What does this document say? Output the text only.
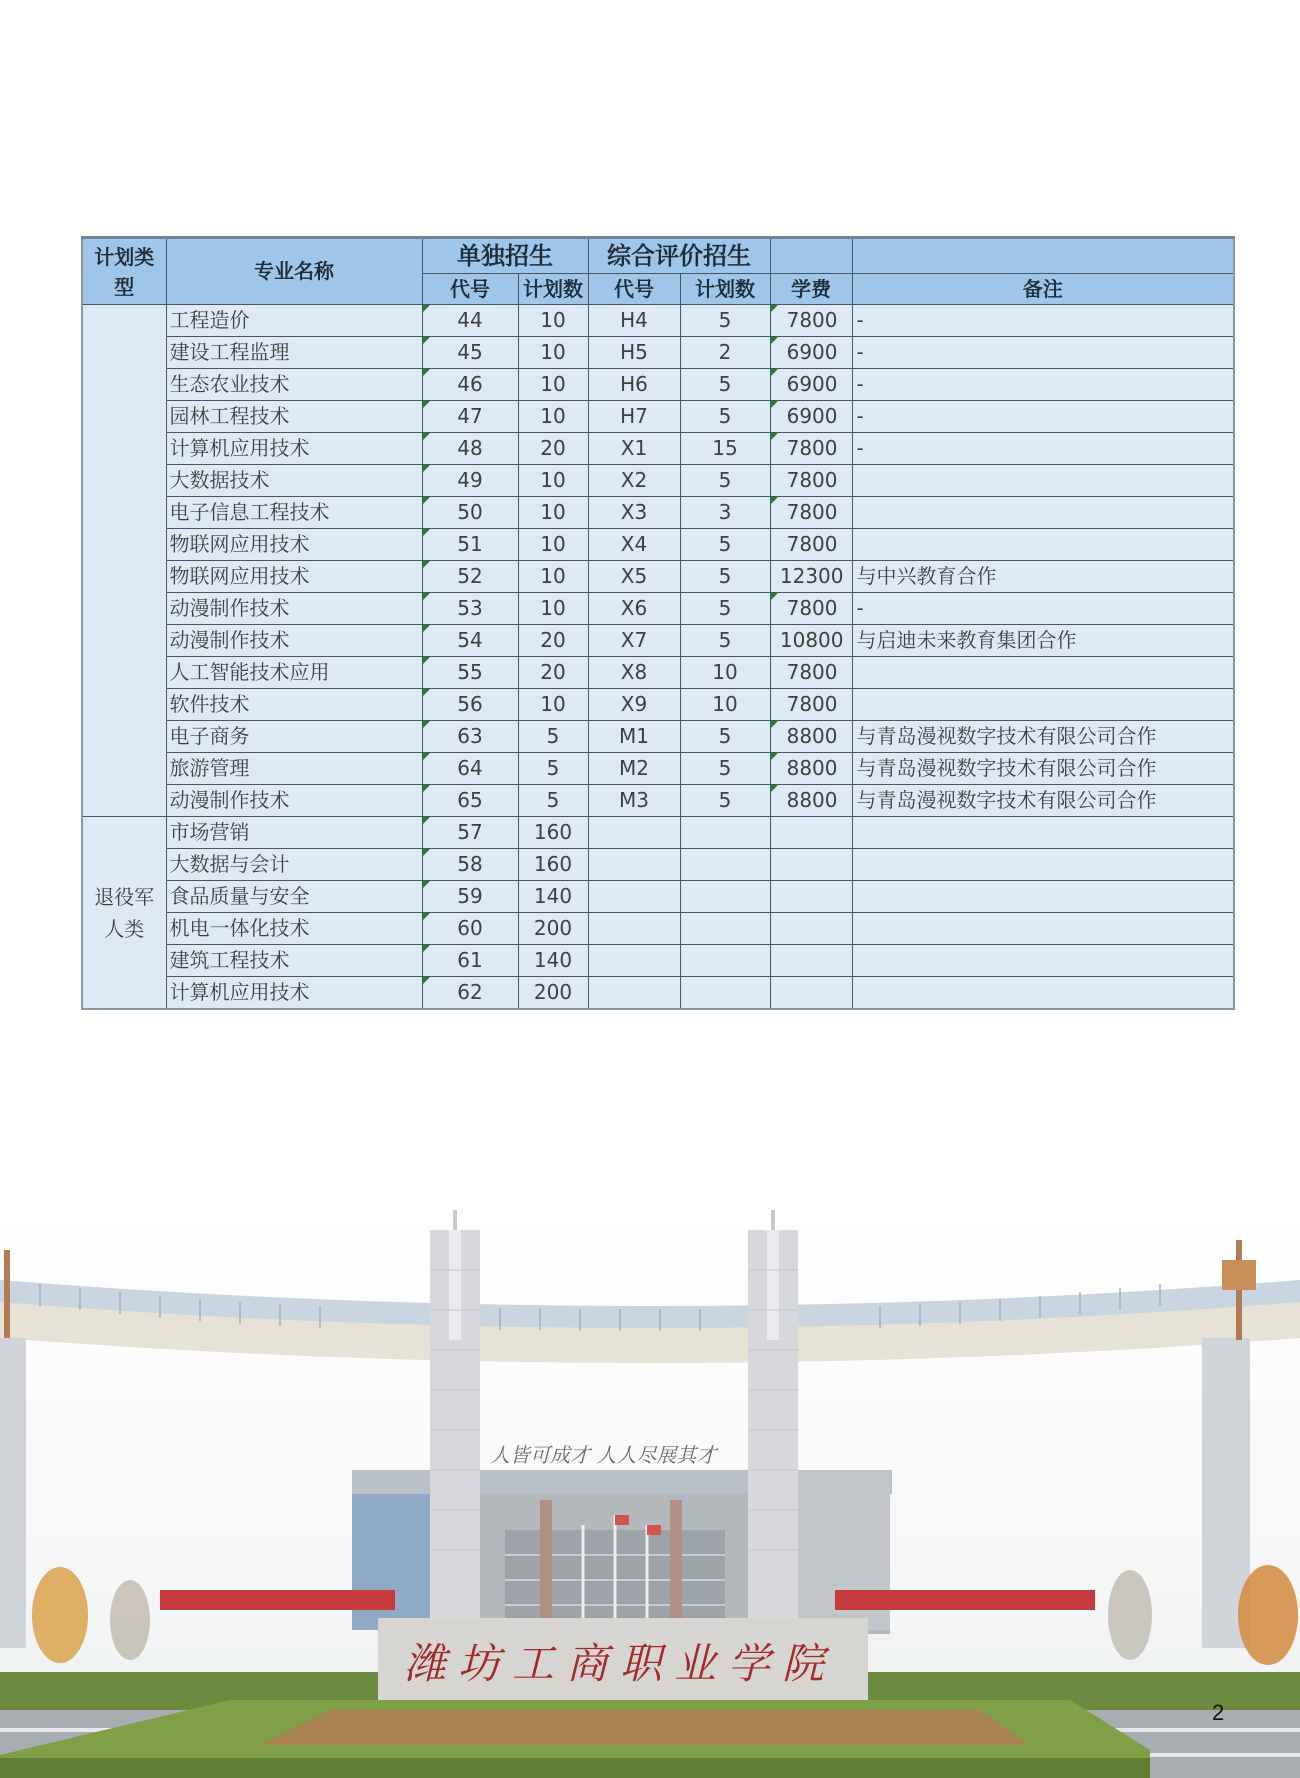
计划类型	专业名称	单独招生		综合评价招生			
		代号	计划数	代号	计划数	学费	备注
	工程造价	44	10	H4	5	7800	-
	建设工程监理	45	10	H5	2	6900	-
	生态农业技术	46	10	H6	5	6900	-
	园林工程技术	47	10	H7	5	6900	-
	计算机应用技术	48	20	X1	15	7800	-
	大数据技术	49	10	X2	5	7800	
	电子信息工程技术	50	10	X3	3	7800	
	物联网应用技术	51	10	X4	5	7800	
	物联网应用技术	52	10	X5	5	12300	与中兴教育合作
	动漫制作技术	53	10	X6	5	7800	-
	动漫制作技术	54	20	X7	5	10800	与启迪未来教育集团合作
	人工智能技术应用	55	20	X8	10	7800	
	软件技术	56	10	X9	10	7800	
	电子商务	63	5	M1	5	8800	与青岛漫视数字技术有限公司合作
	旅游管理	64	5	M2	5	8800	与青岛漫视数字技术有限公司合作
	动漫制作技术	65	5	M3	5	8800	与青岛漫视数字技术有限公司合作
退役军人类	市场营销	57	160				
	大数据与会计	58	160				
	食品质量与安全	59	140				
	机电一体化技术	60	200				
	建筑工程技术	61	140				
	计算机应用技术	62	200				
人皆可成才 人人尽展其才
潍坊工商职业学院
2
